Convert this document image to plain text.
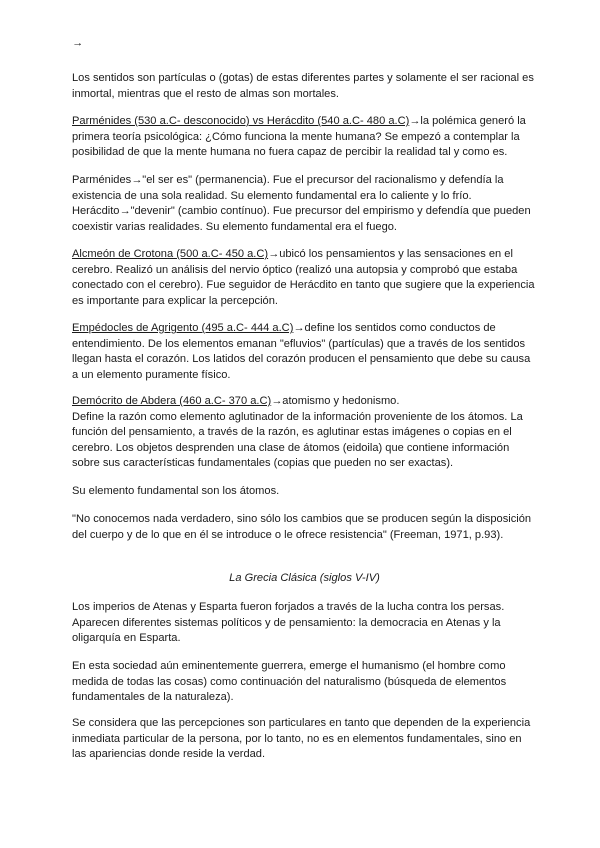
→

Los sentidos son partículas o (gotas) de estas diferentes partes y solamente el ser racional es inmortal, mientras que el resto de almas son mortales.

Parménides (530 a.C- desconocido) vs Herácdito (540 a.C- 480 a.C)→la polémica generó la primera teoría psicológica: ¿Cómo funciona la mente humana? Se empezó a contemplar la posibilidad de que la mente humana no fuera capaz de percibir la realidad tal y como es.

Parménides→"el ser es" (permanencia). Fue el precursor del racionalismo y defendía la existencia de una sola realidad. Su elemento fundamental era lo caliente y lo frío. Herácdito→"devenir" (cambio contínuo). Fue precursor del empirismo y defendía que pueden coexistir varias realidades. Su elemento fundamental era el fuego.

Alcmeón de Crotona (500 a.C- 450 a.C)→ubicó los pensamientos y las sensaciones en el cerebro. Realizó un análisis del nervio óptico (realizó una autopsia y comprobó que estaba conectado con el cerebro). Fue seguidor de Herácdito en tanto que sugiere que la experiencia es importante para explicar la percepción.

Empédocles de Agrigento (495 a.C- 444 a.C)→define los sentidos como conductos de entendimiento. De los elementos emanan "efluvios" (partículas) que a través de los sentidos llegan hasta el corazón. Los latidos del corazón producen el pensamiento que debe su causa a un elemento puramente físico.

Demócrito de Abdera (460 a.C- 370 a.C)→atomismo y hedonismo.
Define la razón como elemento aglutinador de la información proveniente de los átomos. La función del pensamiento, a través de la razón, es aglutinar estas imágenes o copias en el cerebro. Los objetos desprenden una clase de átomos (eidoila) que contiene información sobre sus características fundamentales (copias que pueden no ser exactas).

Su elemento fundamental son los átomos.

"No conocemos nada verdadero, sino sólo los cambios que se producen según la disposición del cuerpo y de lo que en él se introduce o le ofrece resistencia" (Freeman, 1971, p.93).

La Grecia Clásica (siglos V-IV)

Los imperios de Atenas y Esparta fueron forjados a través de la lucha contra los persas. Aparecen diferentes sistemas políticos y de pensamiento: la democracia en Atenas y la oligarquía en Esparta.

En esta sociedad aún eminentemente guerrera, emerge el humanismo (el hombre como medida de todas las cosas) como continuación del naturalismo (búsqueda de elementos fundamentales de la naturaleza).

Se considera que las percepciones son particulares en tanto que dependen de la experiencia inmediata particular de la persona, por lo tanto, no es en elementos fundamentales, sino en las apariencias donde reside la verdad.
